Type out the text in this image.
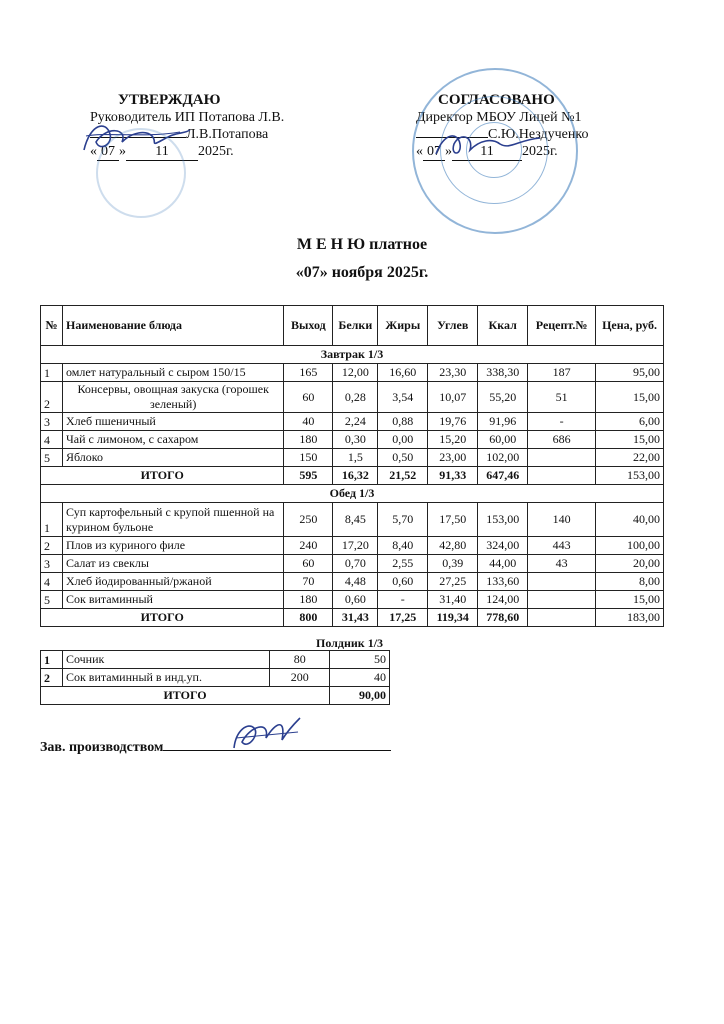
УТВЕРЖДАЮ
Руководитель ИП Потапова Л.В.
Л.В.Потапова
« 07 » 11 2025г.
СОГЛАСОВАНО
Директор МБОУ Лицей №1
С.Ю.Нездученко
« 07 » 11 2025г.
М Е Н Ю платное
«07» ноября 2025г.
№	Наименование блюда	Выход	Белки	Жиры	Углев	Ккал	Рецепт.№	Цена, руб.
Завтрак 1/3								
1	омлет натуральный с сыром 150/15	165	12,00	16,60	23,30	338,30	187	95,00
2	Консервы, овощная закуска (горошек зеленый)	60	0,28	3,54	10,07	55,20	51	15,00
3	Хлеб пшеничный	40	2,24	0,88	19,76	91,96	-	6,00
4	Чай с лимоном, с сахаром	180	0,30	0,00	15,20	60,00	686	15,00
5	Яблоко	150	1,5	0,50	23,00	102,00		22,00
ИТОГО		595	16,32	21,52	91,33	647,46		153,00
Обед 1/3								
1	Суп картофельный с крупой пшенной на курином бульоне	250	8,45	5,70	17,50	153,00	140	40,00
2	Плов из куриного филе	240	17,20	8,40	42,80	324,00	443	100,00
3	Салат из свеклы	60	0,70	2,55	0,39	44,00	43	20,00
4	Хлеб йодированный/ржаной	70	4,48	0,60	27,25	133,60		8,00
5	Сок витаминный	180	0,60	-	31,40	124,00		15,00
ИТОГО		800	31,43	17,25	119,34	778,60		183,00
Полдник 1/3
1	Сочник	80	50
2	Сок витаминный в инд.уп.	200	40
ИТОГО			90,00
Зав. производством
